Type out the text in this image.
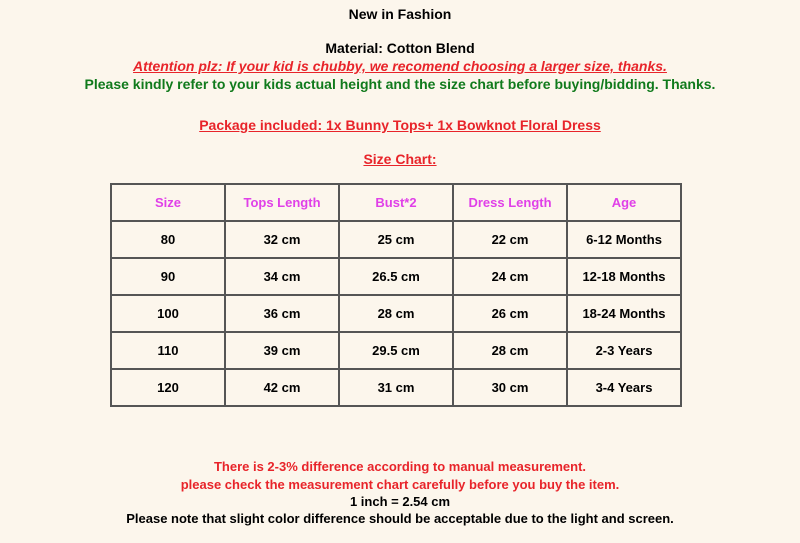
New in Fashion
Material: Cotton Blend
Attention plz: If your kid is chubby, we recomend choosing a larger size, thanks.
Please kindly refer to your kids actual height and the size chart before buying/bidding. Thanks.
Package included: 1x Bunny Tops+ 1x Bowknot Floral Dress
Size Chart:
Size	Tops Length	Bust*2	Dress Length	Age
80	32 cm	25 cm	22 cm	6-12 Months
90	34 cm	26.5 cm	24 cm	12-18 Months
100	36 cm	28 cm	26 cm	18-24 Months
110	39 cm	29.5 cm	28 cm	2-3 Years
120	42 cm	31 cm	30 cm	3-4 Years
There is 2-3% difference according to manual measurement.
please check the measurement chart carefully before you buy the item.
1 inch = 2.54 cm
Please note that slight color difference should be acceptable due to the light and screen.
